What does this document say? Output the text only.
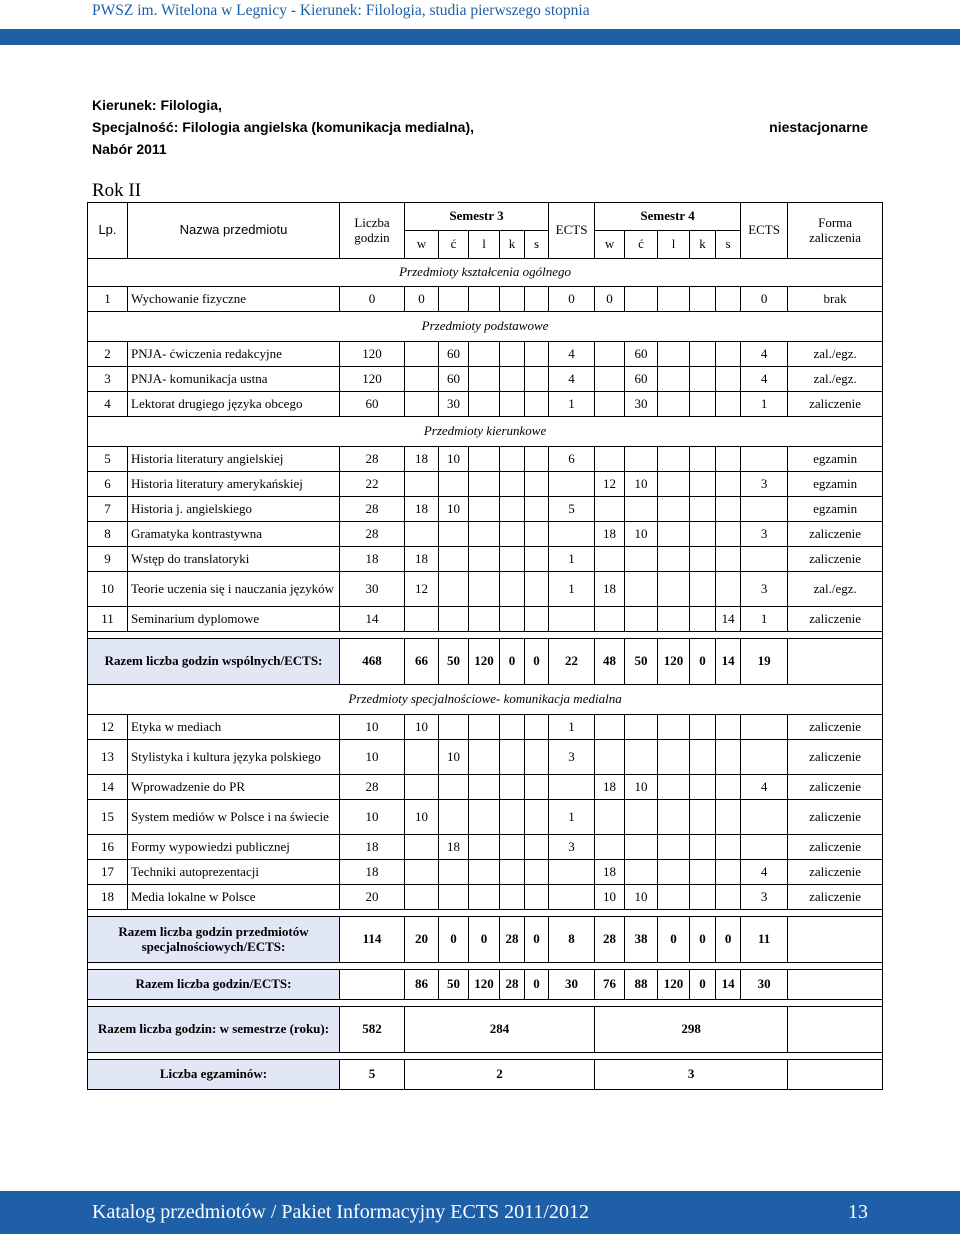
PWSZ im. Witelona w Legnicy - Kierunek: Filologia, studia pierwszego stopnia
Kierunek: Filologia,
Specjalność: Filologia angielska (komunikacja medialna),
Nabór 2011
niestacjonarne
Rok II
Lp.	Nazwa przedmiotu	Liczba
godzin	Semestr 3					ECTS	Semestr 4					ECTS	Forma
zaliczenia
			w	ć	l	k	s		w	ć	l	k	s		
Przedmioty kształcenia ogólnego															
1	Wychowanie fizyczne	0	0					0	0					0	brak
Przedmioty podstawowe															
2	PNJA- ćwiczenia redakcyjne	120		60				4		60				4	zal./egz.
3	PNJA- komunikacja ustna	120		60				4		60				4	zal./egz.
4	Lektorat drugiego języka obcego	60		30				1		30				1	zaliczenie
Przedmioty kierunkowe															
5	Historia literatury angielskiej	28	18	10				6							egzamin
6	Historia literatury amerykańskiej	22							12	10				3	egzamin
7	Historia j. angielskiego	28	18	10				5							egzamin
8	Gramatyka kontrastywna	28							18	10				3	zaliczenie
9	Wstęp do translatoryki	18	18					1							zaliczenie
10	Teorie uczenia się i nauczania języków	30	12					1	18					3	zal./egz.
11	Seminarium dyplomowe	14											14	1	zaliczenie

Razem liczba godzin wspólnych/ECTS:		468	66	50	120	0	0	22	48	50	120	0	14	19	
Przedmioty specjalnościowe- komunikacja medialna															
12	Etyka w mediach	10	10					1							zaliczenie
13	Stylistyka i kultura języka polskiego	10		10				3							zaliczenie
14	Wprowadzenie do PR	28							18	10				4	zaliczenie
15	System mediów w Polsce i na świecie	10	10					1							zaliczenie
16	Formy wypowiedzi publicznej	18		18				3							zaliczenie
17	Techniki autoprezentacji	18							18					4	zaliczenie
18	Media lokalne w Polsce	20							10	10				3	zaliczenie

Razem liczba godzin przedmiotów specjalnościowych/ECTS:		114	20	0	0	28	0	8	28	38	0	0	0	11	

Razem liczba godzin/ECTS:			86	50	120	28	0	30	76	88	120	0	14	30	

Razem liczba godzin: w semestrze (roku):		582	284						298						

Liczba egzaminów:		5	2						3						
Katalog przedmiotów / Pakiet Informacyjny ECTS 2011/2012	13
